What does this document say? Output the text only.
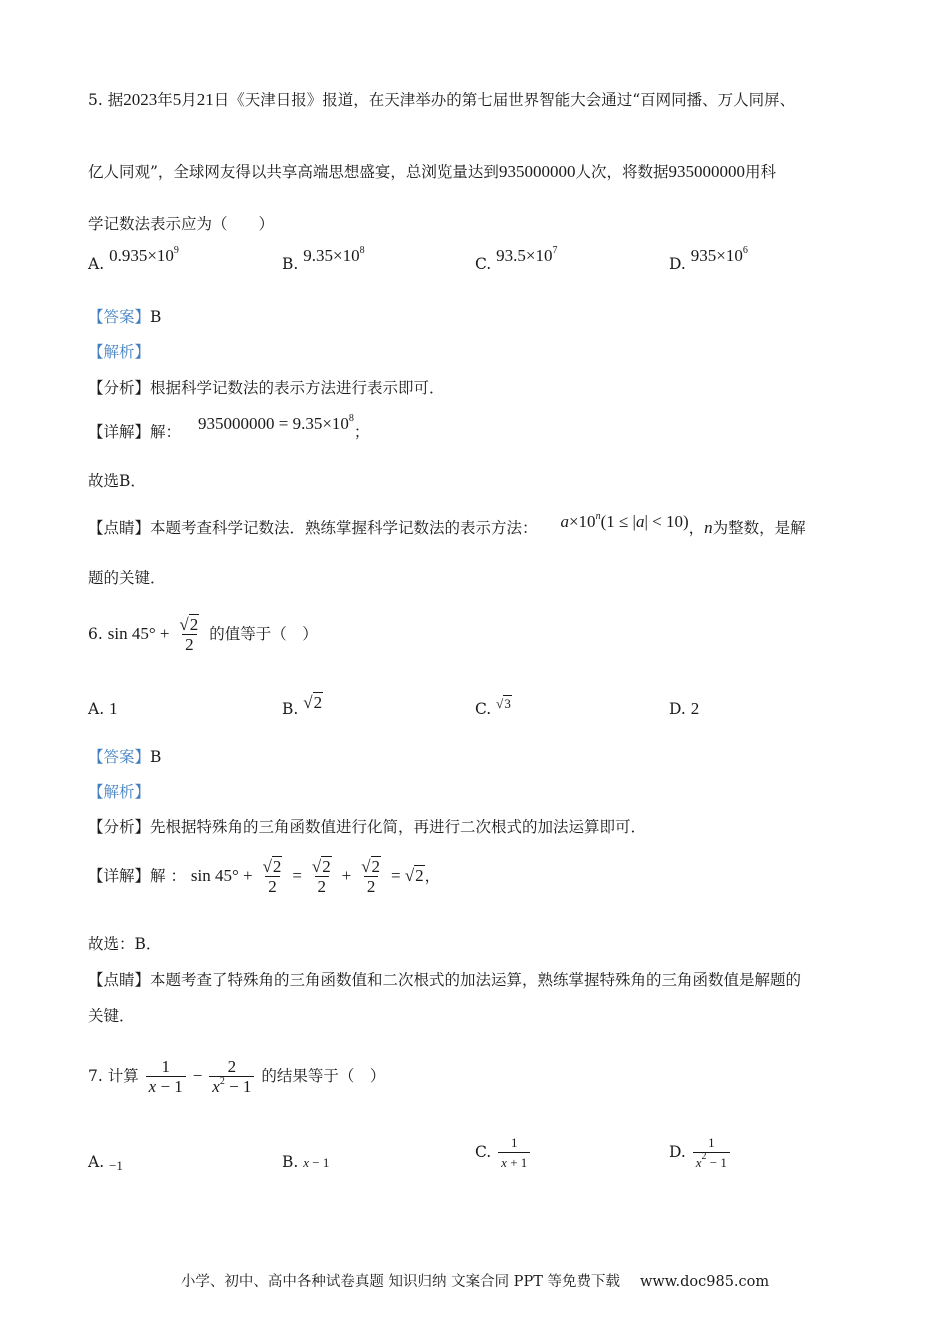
5. 据2023年5月21日《天津日报》报道，在天津举办的第七届世界智能大会通过“百网同播、万人同屏、
亿人同观”，全球网友得以共享高端思想盛宴，总浏览量达到935000000人次，将数据935000000用科
学记数法表示应为（　　）
A. $0.935\times 10^9$
B. $9.35\times 10^8$
C. $93.5\times 10^7$
D. $935\times 10^6$
【答案】B
【解析】
【分析】根据科学记数法的表示方法进行表示即可．
【详解】解： $935000000 = 9.35\times 10^8$；
故选B．
【点睛】本题考查科学记数法．熟练掌握科学记数法的表示方法： $a\times 10^n(1 \le |a| < 10)$，n为整数，是解
题的关键．
6. $\sin 45^\circ + \frac{√2}{2}$ 的值等于（　）
A. 1	B. √2	C. √3	D. 2
【答案】B
【解析】
【分析】先根据特殊角的三角函数值进行化简，再进行二次根式的加法运算即可．
【详解】解 ： $\sin 45^\circ + \frac{√2}{2} = \frac{√2}{2} + \frac{√2}{2} = √2$，
故选：B．
【点睛】本题考查了特殊角的三角函数值和二次根式的加法运算，熟练掌握特殊角的三角函数值是解题的
关键．
7. 计算 $\frac{1}{x - 1} - \frac{2}{x^2 - 1}$ 的结果等于（　）
A. −1	B. x − 1
C. $\frac{1}{x + 1}$	D. $\frac{1}{x^2 - 1}$
小学、初中、高中各种试卷真题 知识归纳 文案合同 PPT 等免费下载 www.doc985.com
